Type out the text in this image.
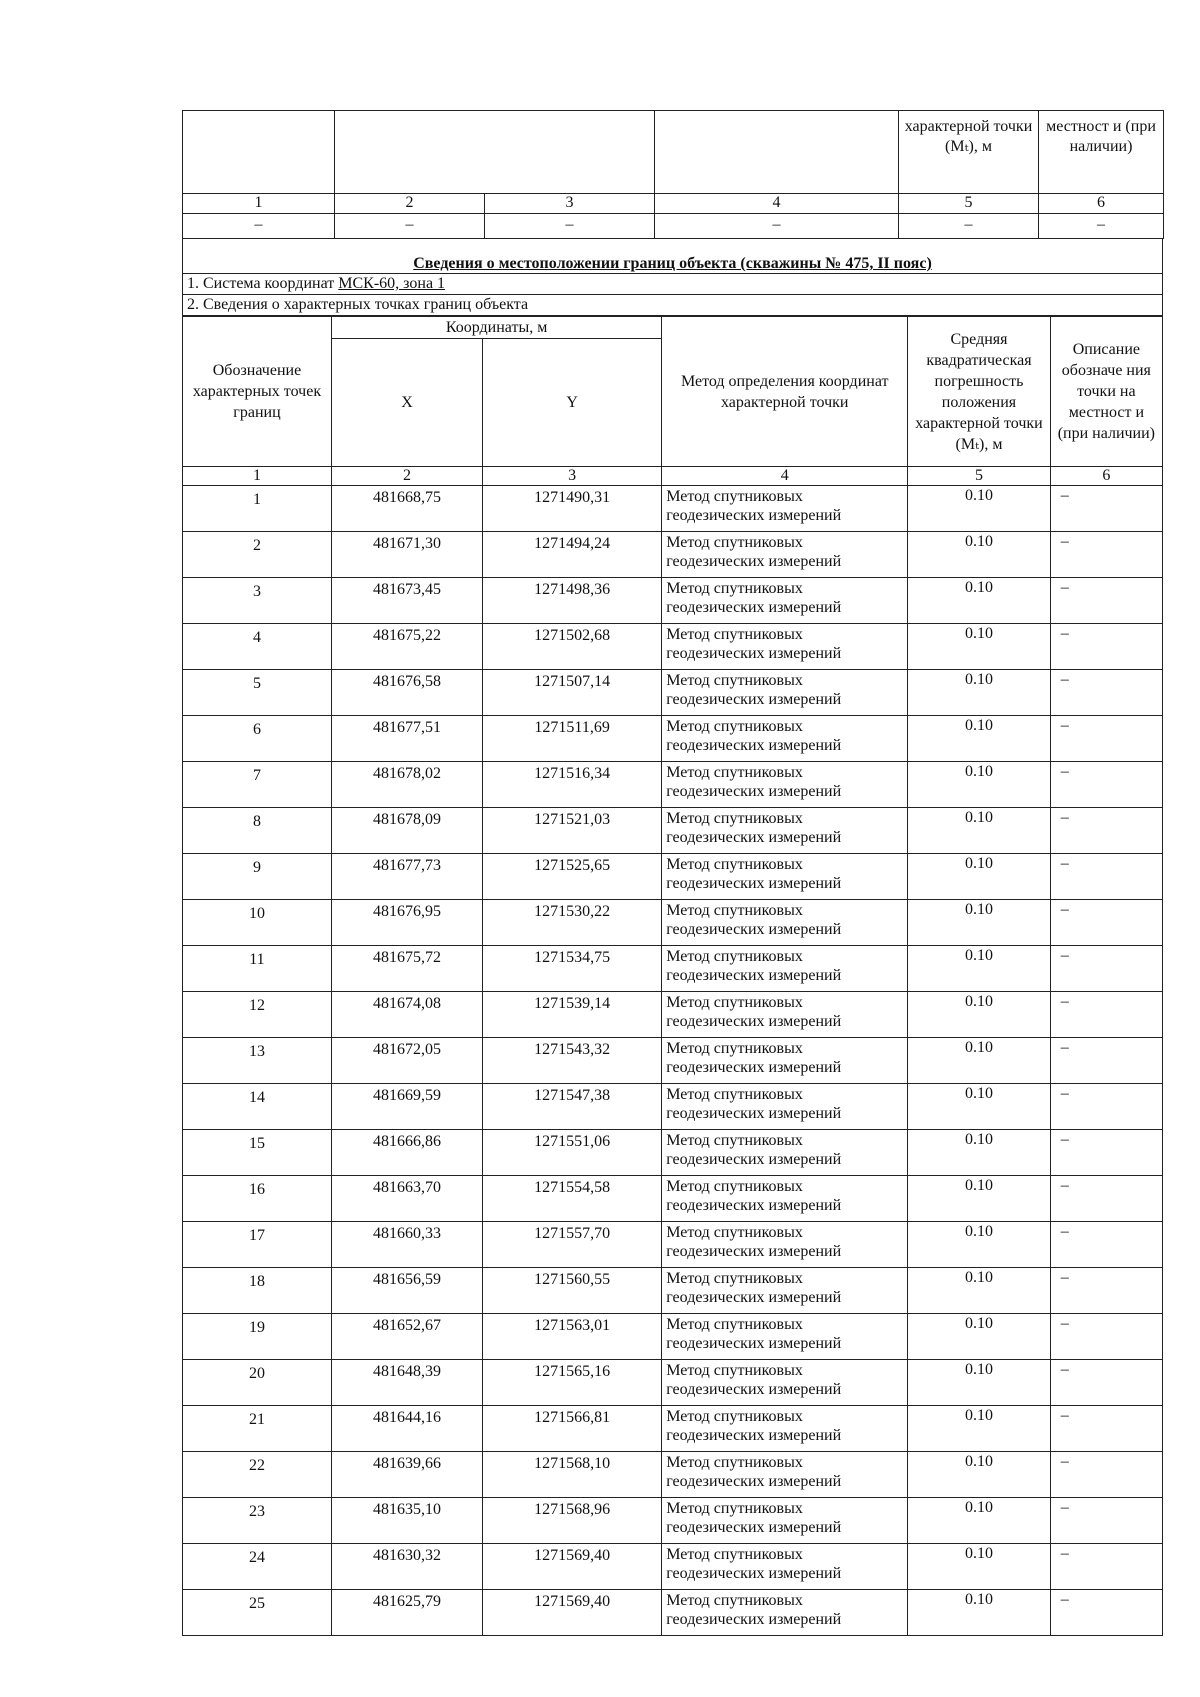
				характерной точки (Mₜ), м	местност и (при наличии)
1	2	3	4	5	6
–	–	–	–	–	–
Сведения о местоположении границ объекта (скважины № 475, II пояс)
1. Система координат МСК-60, зона 1
2. Сведения о характерных точках границ объекта
Обозначение характерных точек границ	Координаты, м		Метод определения координат характерной точки	Средняя квадратическая погрешность положения характерной точки (Mₜ), м	Описание обозначе ния точки на местност и (при наличии)
	X	Y			
1	2	3	4	5	6
1	481668,75	1271490,31	Метод спутниковых геодезических измерений	0.10	–
2	481671,30	1271494,24	Метод спутниковых геодезических измерений	0.10	–
3	481673,45	1271498,36	Метод спутниковых геодезических измерений	0.10	–
4	481675,22	1271502,68	Метод спутниковых геодезических измерений	0.10	–
5	481676,58	1271507,14	Метод спутниковых геодезических измерений	0.10	–
6	481677,51	1271511,69	Метод спутниковых геодезических измерений	0.10	–
7	481678,02	1271516,34	Метод спутниковых геодезических измерений	0.10	–
8	481678,09	1271521,03	Метод спутниковых геодезических измерений	0.10	–
9	481677,73	1271525,65	Метод спутниковых геодезических измерений	0.10	–
10	481676,95	1271530,22	Метод спутниковых геодезических измерений	0.10	–
11	481675,72	1271534,75	Метод спутниковых геодезических измерений	0.10	–
12	481674,08	1271539,14	Метод спутниковых геодезических измерений	0.10	–
13	481672,05	1271543,32	Метод спутниковых геодезических измерений	0.10	–
14	481669,59	1271547,38	Метод спутниковых геодезических измерений	0.10	–
15	481666,86	1271551,06	Метод спутниковых геодезических измерений	0.10	–
16	481663,70	1271554,58	Метод спутниковых геодезических измерений	0.10	–
17	481660,33	1271557,70	Метод спутниковых геодезических измерений	0.10	–
18	481656,59	1271560,55	Метод спутниковых геодезических измерений	0.10	–
19	481652,67	1271563,01	Метод спутниковых геодезических измерений	0.10	–
20	481648,39	1271565,16	Метод спутниковых геодезических измерений	0.10	–
21	481644,16	1271566,81	Метод спутниковых геодезических измерений	0.10	–
22	481639,66	1271568,10	Метод спутниковых геодезических измерений	0.10	–
23	481635,10	1271568,96	Метод спутниковых геодезических измерений	0.10	–
24	481630,32	1271569,40	Метод спутниковых геодезических измерений	0.10	–
25	481625,79	1271569,40	Метод спутниковых геодезических измерений	0.10	–
